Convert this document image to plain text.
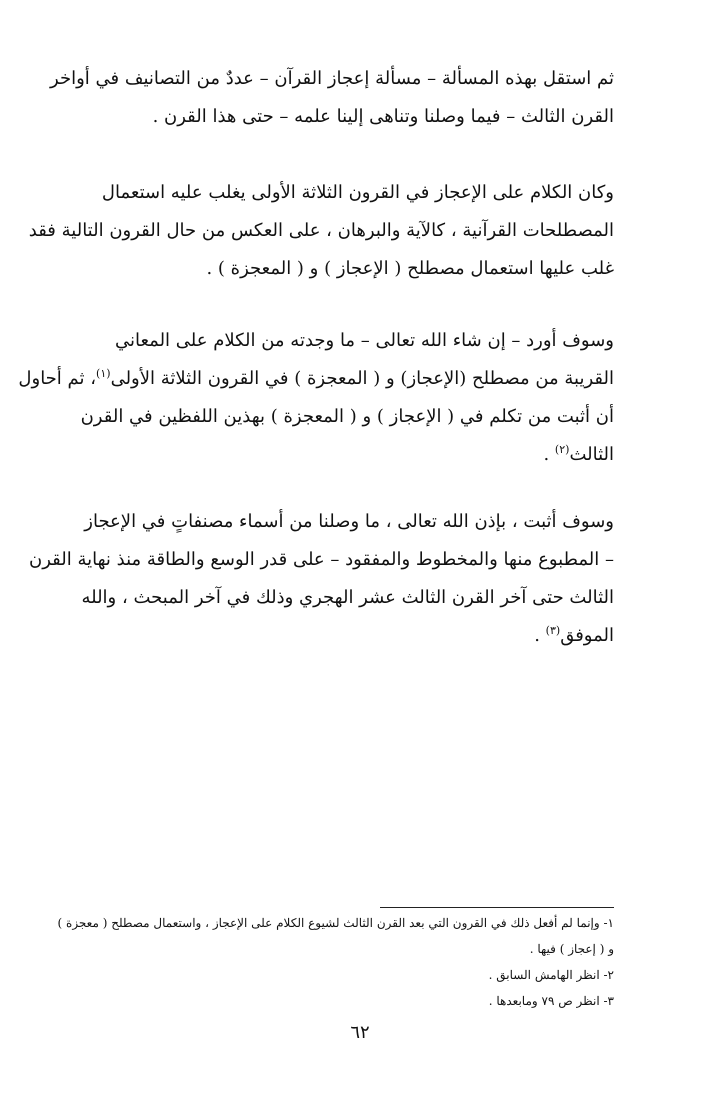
ثم استقل بهذه المسألة – مسألة إعجاز القرآن – عددٌ من التصانيف في أواخر
القرن الثالث – فيما وصلنا وتناهى إلينا علمه – حتى هذا القرن .
وكان الكلام على الإعجاز في القرون الثلاثة الأولى يغلب عليه استعمال
المصطلحات القرآنية ، كالآية والبرهان ، على العكس من حال القرون التالية فقد
غلب عليها استعمال مصطلح ( الإعجاز ) و ( المعجزة ) .
وسوف أورد – إن شاء الله تعالى – ما وجدته من الكلام على المعاني
القريبة من مصطلح (الإعجاز) و ( المعجزة ) في القرون الثلاثة الأولى$^{(١)}$، ثم أحاول
أن أثبت من تكلم في ( الإعجاز ) و ( المعجزة ) بهذين اللفظين في القرن
الثالث$^{(٢)}$ .
وسوف أثبت ، بإذن الله تعالى ، ما وصلنا من أسماء مصنفاتٍ في الإعجاز
– المطبوع منها والمخطوط والمفقود – على قدر الوسع والطاقة منذ نهاية القرن
الثالث حتى آخر القرن الثالث عشر الهجري وذلك في آخر المبحث ، والله
الموفق$^{(٣)}$ .
١- وإنما لم أفعل ذلك في القرون التي بعد القرن الثالث لشيوع الكلام على الإعجاز ، واستعمال مصطلح ( معجزة )
و ( إعجاز ) فيها .
٢- انظر الهامش السابق .
٣- انظر ص ٧٩ ومابعدها .
٦٢
